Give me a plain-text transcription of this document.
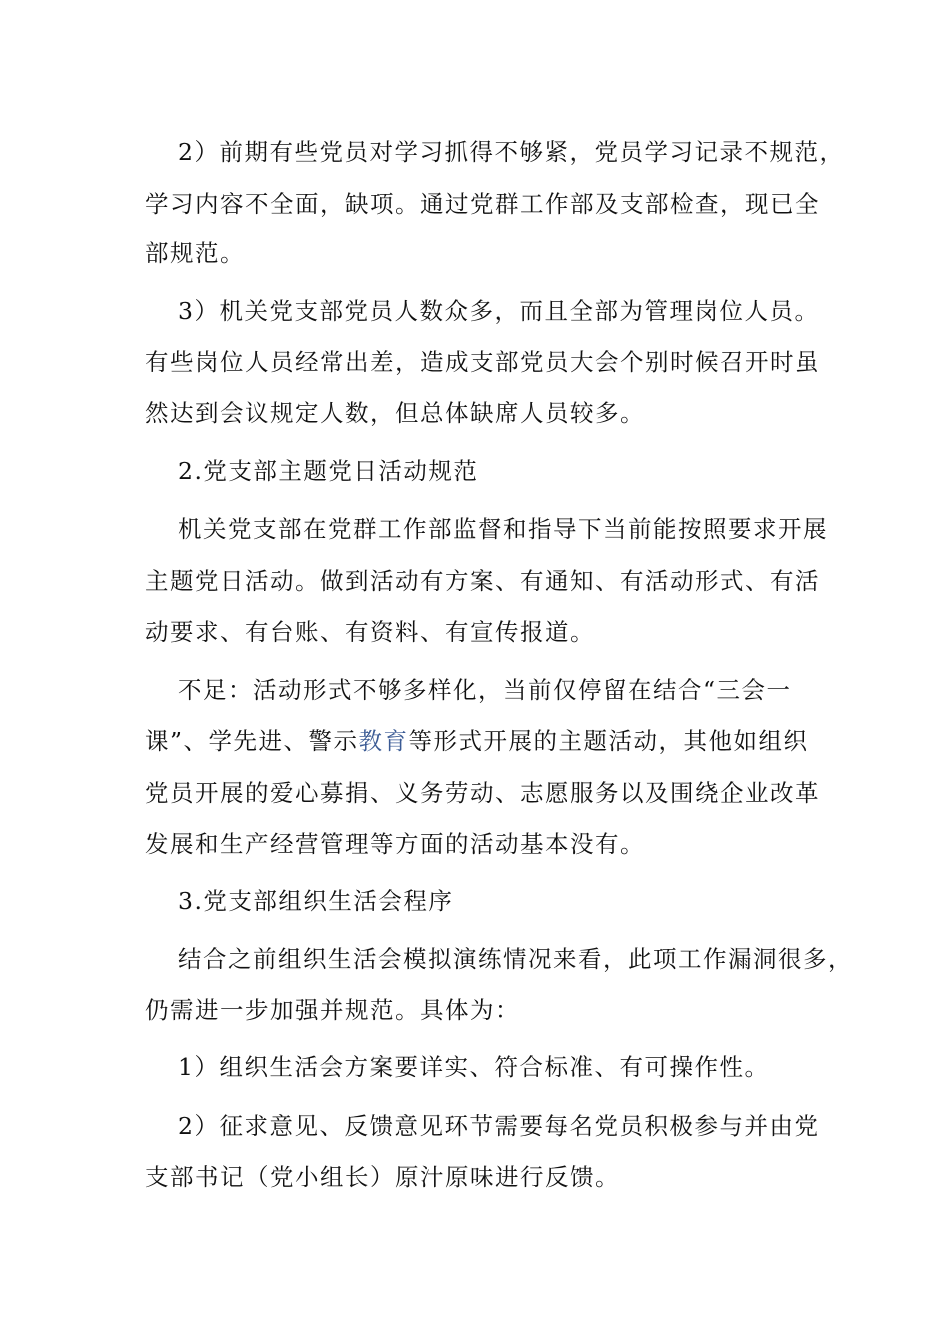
2）前期有些党员对学习抓得不够紧，党员学习记录不规范，
学习内容不全面，缺项。通过党群工作部及支部检查，现已全
部规范。
3）机关党支部党员人数众多，而且全部为管理岗位人员。
有些岗位人员经常出差，造成支部党员大会个别时候召开时虽
然达到会议规定人数，但总体缺席人员较多。
2.党支部主题党日活动规范
机关党支部在党群工作部监督和指导下当前能按照要求开展
主题党日活动。做到活动有方案、有通知、有活动形式、有活
动要求、有台账、有资料、有宣传报道。
不足：活动形式不够多样化，当前仅停留在结合“三会一
课”、学先进、警示教育等形式开展的主题活动，其他如组织
党员开展的爱心募捐、义务劳动、志愿服务以及围绕企业改革
发展和生产经营管理等方面的活动基本没有。
3.党支部组织生活会程序
结合之前组织生活会模拟演练情况来看，此项工作漏洞很多，
仍需进一步加强并规范。具体为：
1）组织生活会方案要详实、符合标准、有可操作性。
2）征求意见、反馈意见环节需要每名党员积极参与并由党
支部书记（党小组长）原汁原味进行反馈。
